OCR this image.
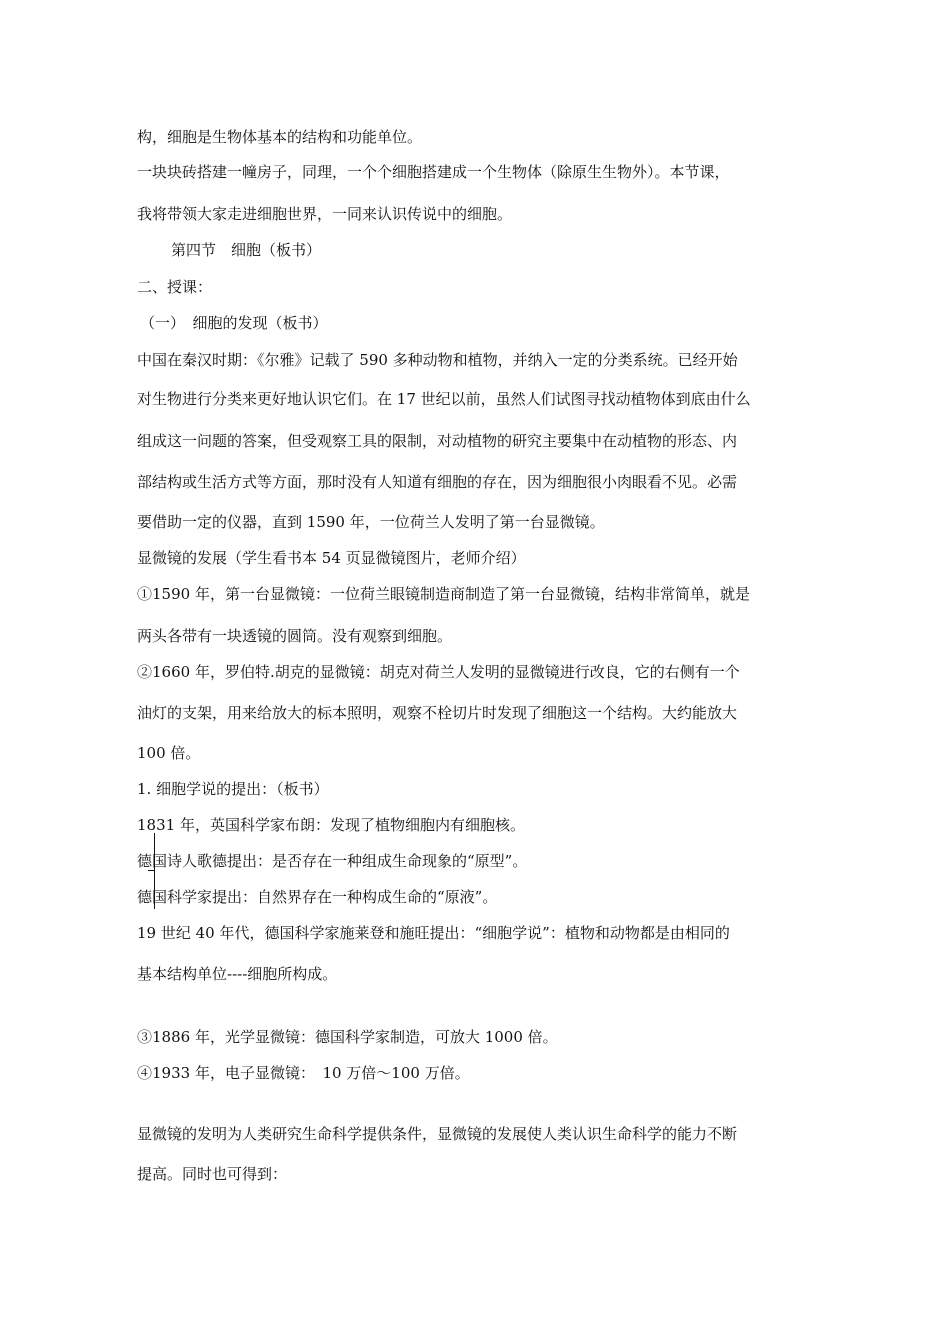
构，细胞是生物体基本的结构和功能单位。
一块块砖搭建一幢房子，同理，一个个细胞搭建成一个生物体（除原生生物外）。本节课，
我将带领大家走进细胞世界，一同来认识传说中的细胞。
第四节　细胞（板书）
二、授课：
（一）　细胞的发现（板书）
中国在秦汉时期：《尔雅》记载了 590 多种动物和植物，并纳入一定的分类系统。已经开始
对生物进行分类来更好地认识它们。在 17 世纪以前，虽然人们试图寻找动植物体到底由什么
组成这一问题的答案，但受观察工具的限制，对动植物的研究主要集中在动植物的形态、内
部结构或生活方式等方面，那时没有人知道有细胞的存在，因为细胞很小肉眼看不见。必需
要借助一定的仪器，直到 1590 年，一位荷兰人发明了第一台显微镜。
显微镜的发展（学生看书本 54 页显微镜图片，老师介绍）
①1590 年，第一台显微镜：一位荷兰眼镜制造商制造了第一台显微镜，结构非常简单，就是
两头各带有一块透镜的圆筒。没有观察到细胞。
②1660 年，罗伯特.胡克的显微镜：胡克对荷兰人发明的显微镜进行改良，它的右侧有一个
油灯的支架，用来给放大的标本照明，观察不栓切片时发现了细胞这一个结构。大约能放大
100 倍。
1. 细胞学说的提出：（板书）
1831 年，英国科学家布朗：发现了植物细胞内有细胞核。
德国诗人歌德提出：是否存在一种组成生命现象的“原型”。
德国科学家提出：自然界存在一种构成生命的“原液”。
19 世纪 40 年代，德国科学家施莱登和施旺提出：“细胞学说”：植物和动物都是由相同的
基本结构单位----细胞所构成。
③1886 年，光学显微镜：德国科学家制造，可放大 1000 倍。
④1933 年，电子显微镜：　10 万倍～100 万倍。
显微镜的发明为人类研究生命科学提供条件，显微镜的发展使人类认识生命科学的能力不断
提高。同时也可得到：
